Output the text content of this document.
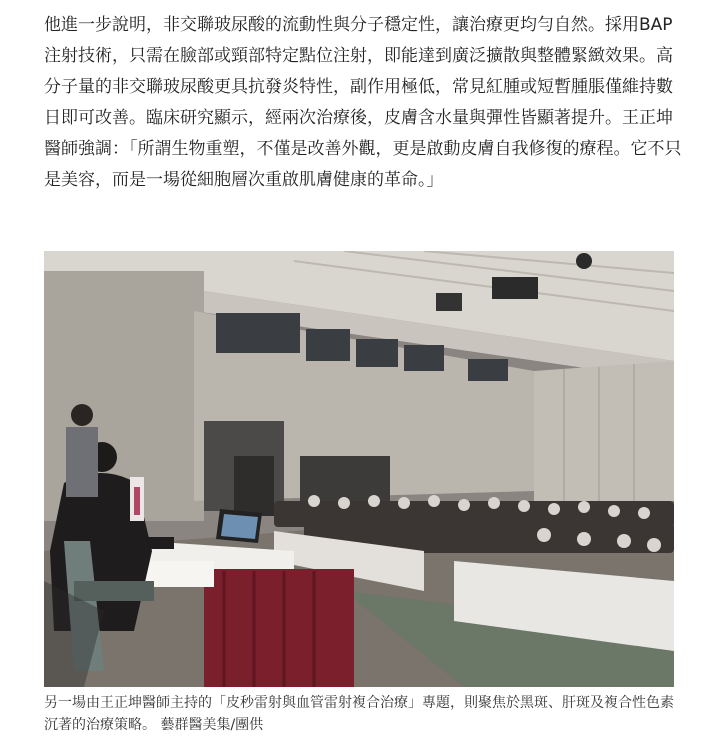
他進一步說明，非交聯玻尿酸的流動性與分子穩定性，讓治療更均勻自然。採用BAP注射技術，只需在臉部或頸部特定點位注射，即能達到廣泛擴散與整體緊緻效果。高分子量的非交聯玻尿酸更具抗發炎特性，副作用極低，常見紅腫或短暫腫脹僅維持數日即可改善。臨床研究顯示，經兩次治療後，皮膚含水量與彈性皆顯著提升。王正坤醫師強調：「所謂生物重塑，不僅是改善外觀，更是啟動皮膚自我修復的療程。它不只是美容，而是一場從細胞層次重啟肌膚健康的革命。」

另一場由王正坤醫師主持的「皮秒雷射與血管雷射複合治療」專題，則聚焦於黑斑、肝斑及複合性色素沉著的治療策略。 藝群醫美集/團供
